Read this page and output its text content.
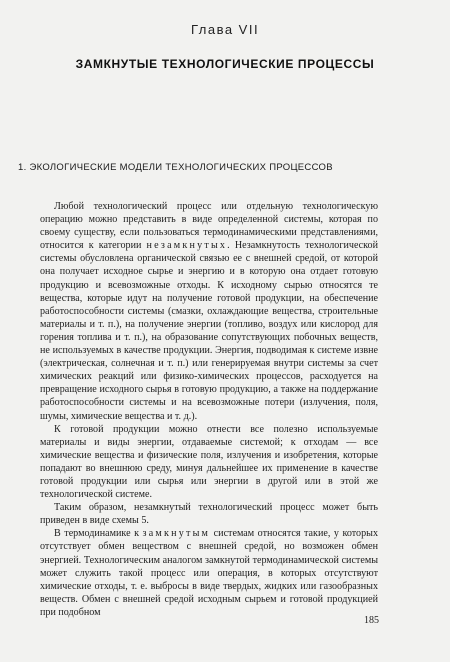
Глава VII
ЗАМКНУТЫЕ ТЕХНОЛОГИЧЕСКИЕ ПРОЦЕССЫ
1. ЭКОЛОГИЧЕСКИЕ МОДЕЛИ ТЕХНОЛОГИЧЕСКИХ ПРОЦЕССОВ

Любой технологический процесс или отдельную технологическую операцию можно представить в виде определенной системы, которая по своему существу, если пользоваться термодинамическими представлениями, относится к категории незамкнутых. Незамкнутость технологической системы обусловлена органической связью ее с внешней средой, от которой она получает исходное сырье и энергию и в которую она отдает готовую продукцию и всевозможные отходы. К исходному сырью относятся те вещества, которые идут на получение готовой продукции, на обеспечение работоспособности системы (смазки, охлаждающие вещества, строительные материалы и т. п.), на получение энергии (топливо, воздух или кислород для горения топлива и т. п.), на образование сопутствующих побочных веществ, не используемых в качестве продукции. Энергия, подводимая к системе извне (электрическая, солнечная и т. п.) или генерируемая внутри системы за счет химических реакций или физико-химических процессов, расходуется на превращение исходного сырья в готовую продукцию, а также на поддержание работоспособности системы и на всевозможные потери (излучения, поля, шумы, химические вещества и т. д.).

К готовой продукции можно отнести все полезно используемые материалы и виды энергии, отдаваемые системой; к отходам — все химические вещества и физические поля, излучения и изобретения, которые попадают во внешнюю среду, минуя дальнейшее их применение в качестве готовой продукции или сырья или энергии в другой или в этой же технологической системе.

Таким образом, незамкнутый технологический процесс может быть приведен в виде схемы 5.

В термодинамике к замкнутым системам относятся такие, у которых отсутствует обмен веществом с внешней средой, но возможен обмен энергией. Технологическим аналогом замкнутой термодинамической системы может служить такой процесс или операция, в которых отсутствуют химические отходы, т. е. выбросы в виде твердых, жидких или газообразных веществ. Обмен с внешней средой исходным сырьем и готовой продукцией при подобном

185
